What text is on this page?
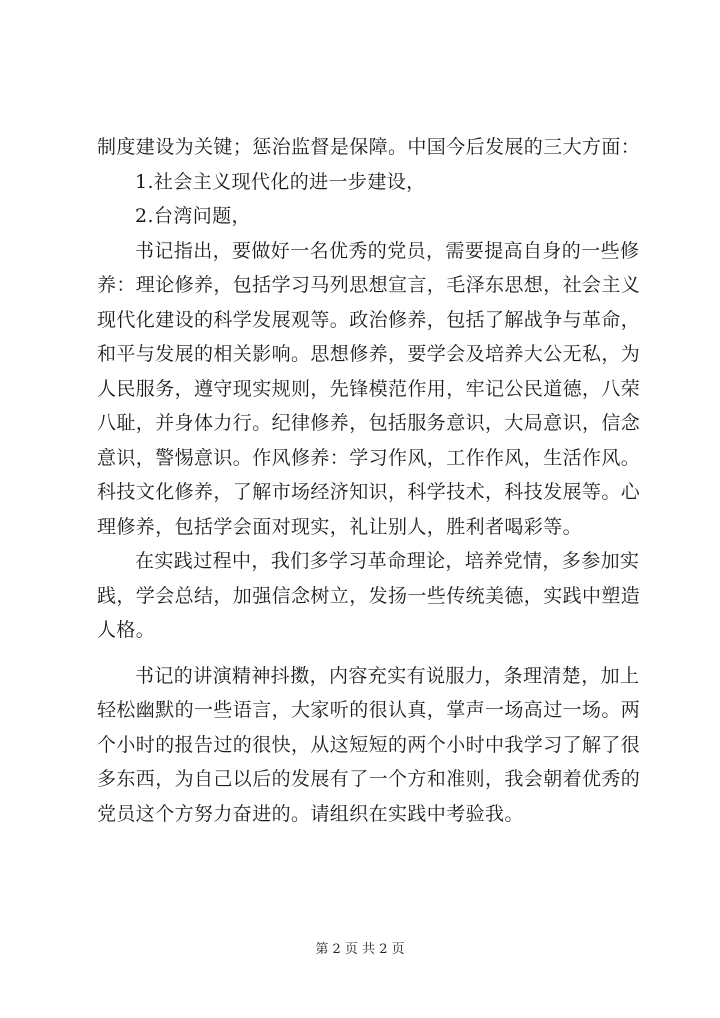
制度建设为关键；惩治监督是保障。中国今后发展的三大方面：
1.社会主义现代化的进一步建设，
2.台湾问题，
书记指出，要做好一名优秀的党员，需要提高自身的一些修
养：理论修养，包括学习马列思想宣言，毛泽东思想，社会主义
现代化建设的科学发展观等。政治修养，包括了解战争与革命，
和平与发展的相关影响。思想修养，要学会及培养大公无私，为
人民服务，遵守现实规则，先锋模范作用，牢记公民道德，八荣
八耻，并身体力行。纪律修养，包括服务意识，大局意识，信念
意识，警惕意识。作风修养：学习作风，工作作风，生活作风。
科技文化修养，了解市场经济知识，科学技术，科技发展等。心
理修养，包括学会面对现实，礼让别人，胜利者喝彩等。
在实践过程中，我们多学习革命理论，培养党情，多参加实
践，学会总结，加强信念树立，发扬一些传统美德，实践中塑造
人格。
书记的讲演精神抖擞，内容充实有说服力，条理清楚，加上
轻松幽默的一些语言，大家听的很认真，掌声一场高过一场。两
个小时的报告过的很快，从这短短的两个小时中我学习了解了很
多东西，为自己以后的发展有了一个方和准则，我会朝着优秀的
党员这个方努力奋进的。请组织在实践中考验我。
第 2 页 共 2 页
